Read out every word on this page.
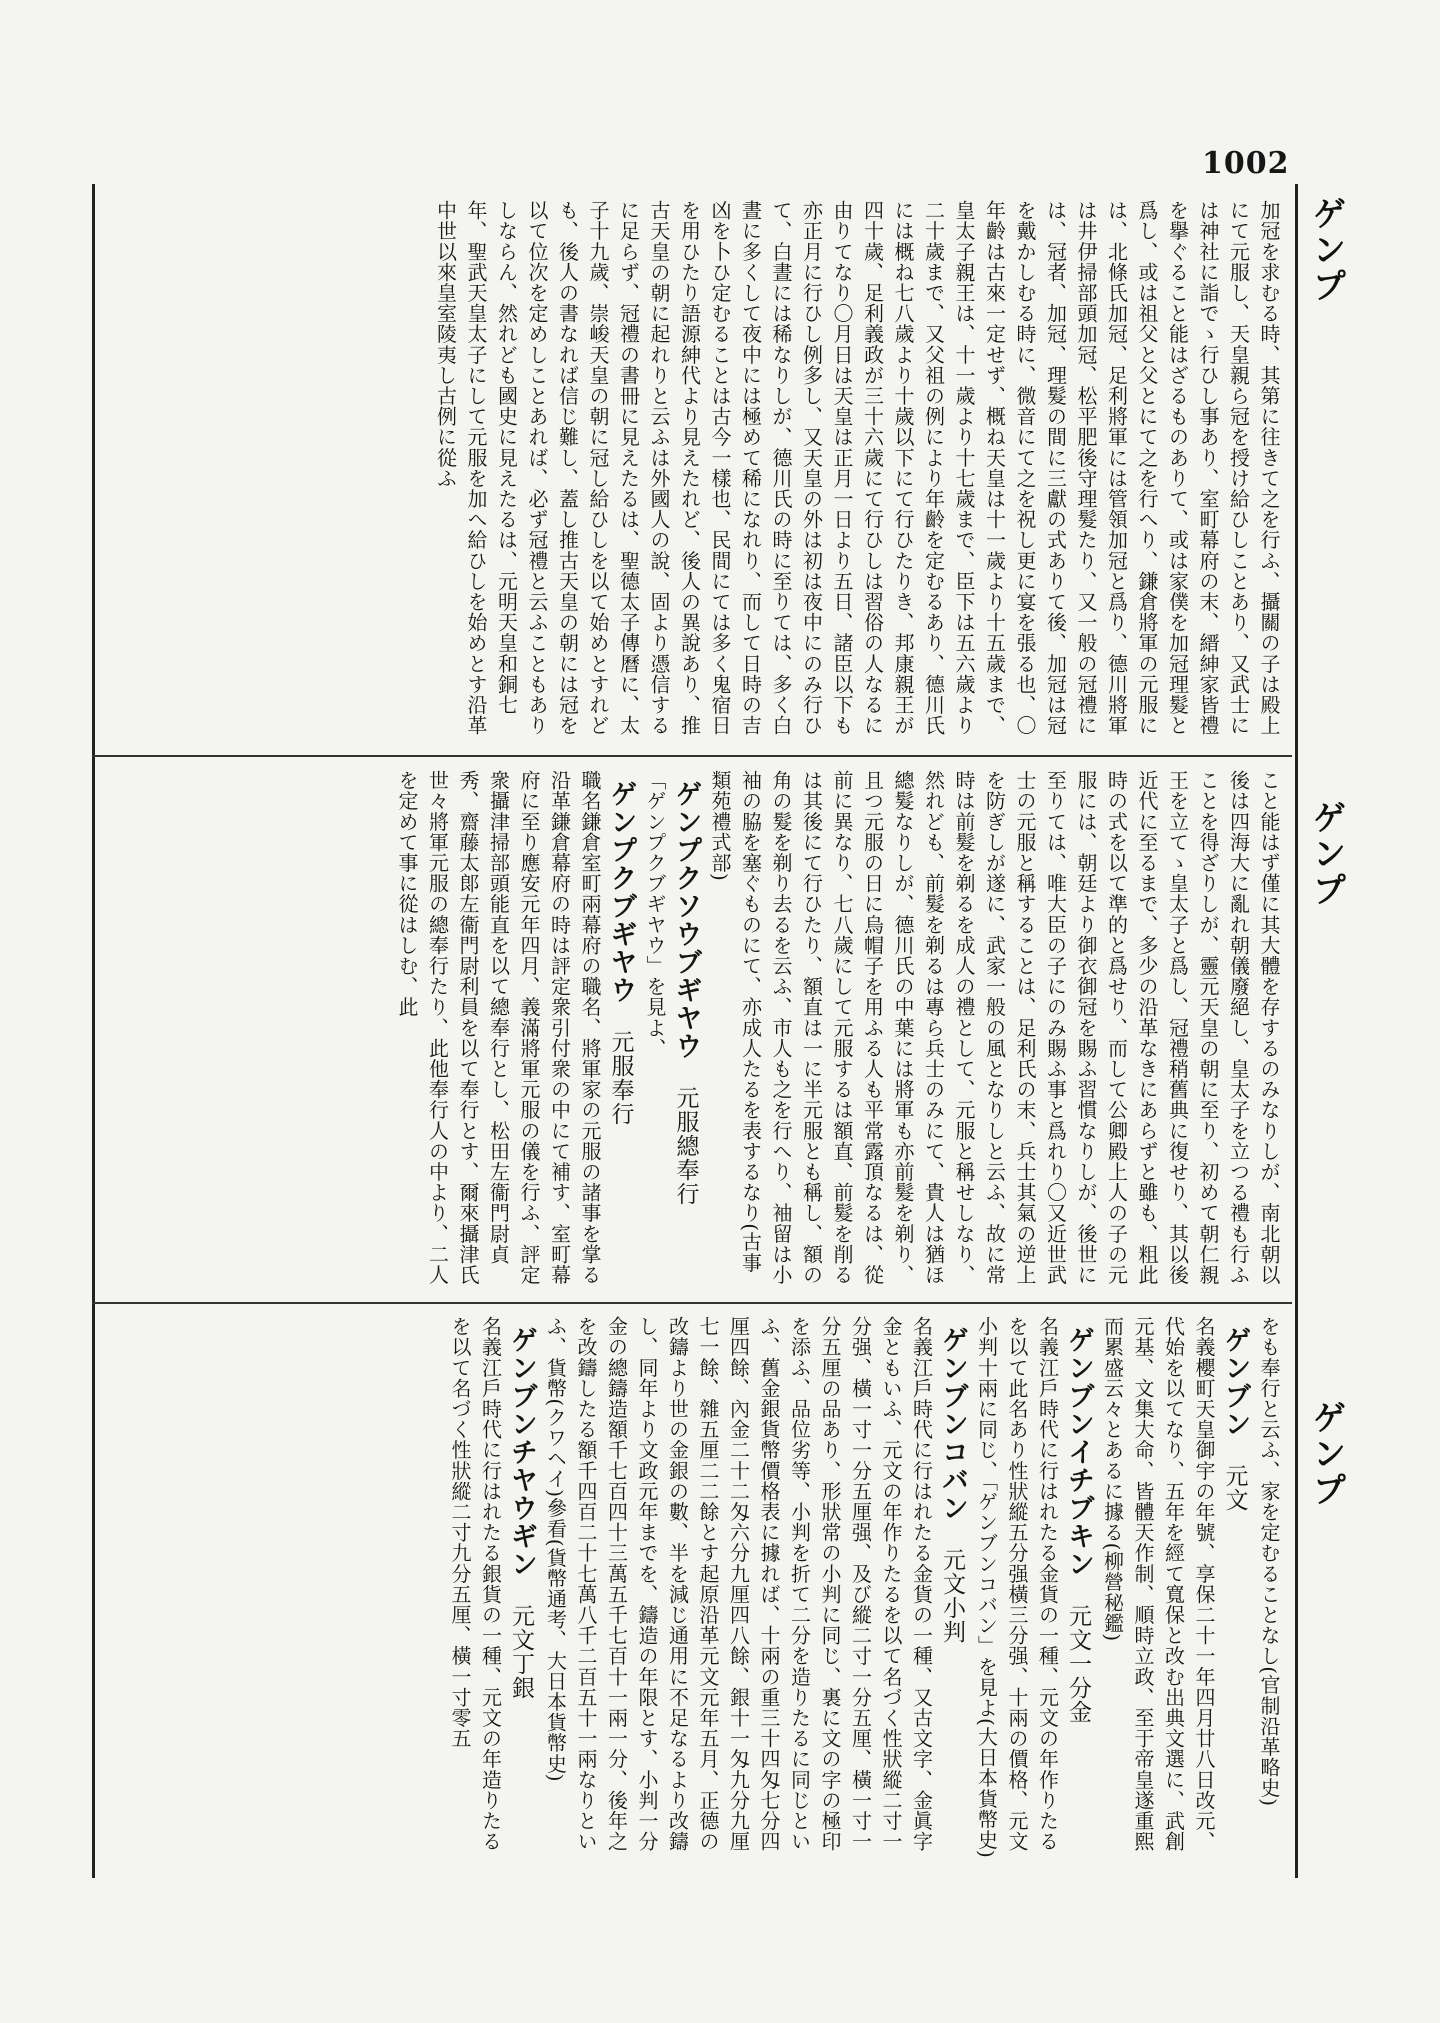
1002
ゲンプ
ゲンプ
ゲンプ

加冠を求むる時、其第に往きて之を行ふ、攝關の子は殿上にて元服し、天皇親ら冠を授け給ひしことあり、又武士には神社に詣でゝ行ひし事あり、室町幕府の末、縉紳家皆禮を擧ぐること能はざるものありて、或は家僕を加冠理髮と爲し、或は祖父と父とにて之を行へり、鎌倉將軍の元服には、北條氏加冠、足利將軍には管領加冠と爲り、德川將軍は井伊掃部頭加冠、松平肥後守理髮たり、又一般の冠禮には、冠者、加冠、理髮の間に三獻の式ありて後、加冠は冠を戴かしむる時に、微音にて之を祝し更に宴を張る也、〇年齡は古來一定せず、概ね天皇は十一歲より十五歲まで、皇太子親王は、十一歲より十七歲まで、臣下は五六歲より二十歲まで、又父祖の例により年齡を定むるあり、德川氏には概ね七八歲より十歲以下にて行ひたりき、邦康親王が四十歲、足利義政が三十六歲にて行ひしは習俗の人なるに由りてなり〇月日は天皇は正月一日より五日、諸臣以下も亦正月に行ひし例多し、又天皇の外は初は夜中にのみ行ひて、白晝には稀なりしが、德川氏の時に至りては、多く白晝に多くして夜中には極めて稀になれり、而して日時の吉凶を卜ひ定むることは古今一樣也、民間にては多く鬼宿日を用ひたり語源紳代より見えたれど、後人の異說あり、推古天皇の朝に起れりと云ふは外國人の說、固より憑信するに足らず、冠禮の書冊に見えたるは、聖德太子傳曆に、太子十九歲、崇峻天皇の朝に冠し給ひしを以て始めとすれども、後人の書なれば信じ難し、蓋し推古天皇の朝には冠を以て位次を定めしことあれば、必ず冠禮と云ふこともありしならん、然れども國史に見えたるは、元明天皇和銅七年、聖武天皇太子にして元服を加へ給ひしを始めとす沿革中世以來皇室陵夷し古例に從ふ

こと能はず僅に其大體を存するのみなりしが、南北朝以後は四海大に亂れ朝儀廢絕し、皇太子を立つる禮も行ふことを得ざりしが、靈元天皇の朝に至り、初めて朝仁親王を立てゝ皇太子と爲し、冠禮稍舊典に復せり、其以後近代に至るまで、多少の沿革なきにあらずと雖も、粗此時の式を以て準的と爲せり、而して公卿殿上人の子の元服には、朝廷より御衣御冠を賜ふ習慣なりしが、後世に至りては、唯大臣の子にのみ賜ふ事と爲れり〇又近世武士の元服と稱することは、足利氏の末、兵士其氣の逆上を防ぎしが遂に、武家一般の風となりしと云ふ、故に常時は前髮を剃るを成人の禮として、元服と稱せしなり、然れども、前髮を剃るは專ら兵士のみにて、貴人は猶ほ總髮なりしが、德川氏の中葉には將軍も亦前髮を剃り、且つ元服の日に烏帽子を用ふる人も平常露頂なるは、從前に異なり、七八歲にして元服するは額直、前髮を削るは其後にて行ひたり、額直は一に半元服とも稱し、額の角の髮を剃り去るを云ふ、市人も之を行へり、袖留は小袖の脇を塞ぐものにて、亦成人たるを表するなり(古事類苑禮式部)

ゲンプクソウブギヤウ元服總奉行
「ゲンプクブギヤウ」を見よ、
ゲンプクブギヤウ元服奉行
職名鎌倉室町兩幕府の職名、將軍家の元服の諸事を掌る沿革鎌倉幕府の時は評定衆引付衆の中にて補す、室町幕府に至り應安元年四月、義滿將軍元服の儀を行ふ、評定衆攝津掃部頭能直を以て總奉行とし、松田左衞門尉貞秀、齋藤太郞左衞門尉利員を以て奉行とす、爾來攝津氏世々將軍元服の總奉行たり、此他奉行人の中より、二人を定めて事に從はしむ、此

をも奉行と云ふ、家を定むることなし(官制沿革略史)

ゲンブン元文
名義櫻町天皇御宇の年號、享保二十一年四月廿八日改元、代始を以てなり、五年を經て寬保と改む出典文選に、武創元基、文集大命、皆體天作制、順時立政、至于帝皇遂重熙而累盛云々とあるに據る(柳營秘鑑)
ゲンブンイチブキン元文一分金
名義江戶時代に行はれたる金貨の一種、元文の年作りたるを以て此名あり性狀縱五分强橫三分强、十兩の價格、元文小判十兩に同じ、「ゲンブンコバン」を見よ(大日本貨幣史)
ゲンブンコバン元文小判
名義江戶時代に行はれたる金貨の一種、又古文字、金眞字金ともいふ、元文の年作りたるを以て名づく性狀縱二寸一分强、橫一寸一分五厘强、及び縱二寸一分五厘、橫一寸一分五厘の品あり、形狀常の小判に同じ、裏に文の字の極印を添ふ、品位劣等、小判を折て二分を造りたるに同じといふ、舊金銀貨幣價格表に據れば、十兩の重三十四匁七分四厘四餘、內金二十二匁六分九厘四八餘、銀十一匁九分九厘七一餘、雜五厘二二餘とす起原沿革元文元年五月、正德の改鑄より世の金銀の數、半を減じ通用に不足なるより改鑄し、同年より文政元年までを、鑄造の年限とす、小判一分金の總鑄造額千七百四十三萬五千七百十一兩一分、後年之を改鑄したる額千四百二十七萬八千二百五十一兩なりといふ、貨幣(クワヘイ)參看(貨幣通考、大日本貨幣史)
ゲンブンチヤウギン元文丁銀
名義江戶時代に行はれたる銀貨の一種、元文の年造りたるを以て名づく性狀縱二寸九分五厘、橫一寸零五
